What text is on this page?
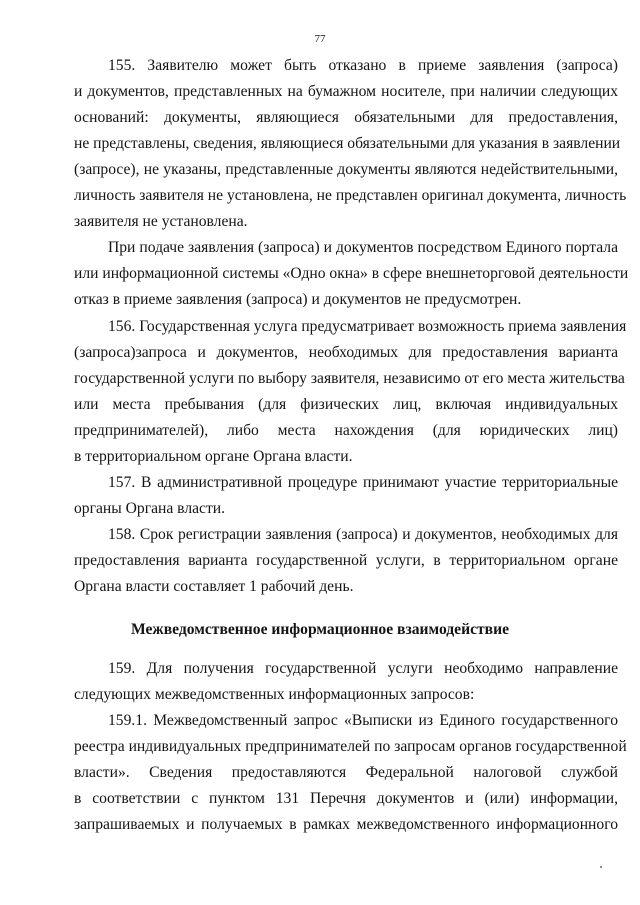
77
155. Заявителю может быть отказано в приеме заявления (запроса)
и документов, представленных на бумажном носителе, при наличии следующих
оснований: документы, являющиеся обязательными для предоставления,
не представлены, сведения, являющиеся обязательными для указания в заявлении
(запросе), не указаны, представленные документы являются недействительными,
личность заявителя не установлена, не представлен оригинал документа, личность
заявителя не установлена.
При подаче заявления (запроса) и документов посредством Единого портала
или информационной системы «Одно окна» в сфере внешнеторговой деятельности
отказ в приеме заявления (запроса) и документов не предусмотрен.
156. Государственная услуга предусматривает возможность приема заявления
(запроса)запроса и документов, необходимых для предоставления варианта
государственной услуги по выбору заявителя, независимо от его места жительства
или места пребывания (для физических лиц, включая индивидуальных
предпринимателей), либо места нахождения (для юридических лиц)
в территориальном органе Органа власти.
157. В административной процедуре принимают участие территориальные
органы Органа власти.
158. Срок регистрации заявления (запроса) и документов, необходимых для
предоставления варианта государственной услуги, в территориальном органе
Органа власти составляет 1 рабочий день.
Межведомственное информационное взаимодействие
159. Для получения государственной услуги необходимо направление
следующих межведомственных информационных запросов:
159.1. Межведомственный запрос «Выписки из Единого государственного
реестра индивидуальных предпринимателей по запросам органов государственной
власти». Сведения предоставляются Федеральной налоговой службой
в соответствии с пунктом 131 Перечня документов и (или) информации,
запрашиваемых и получаемых в рамках межведомственного информационного
